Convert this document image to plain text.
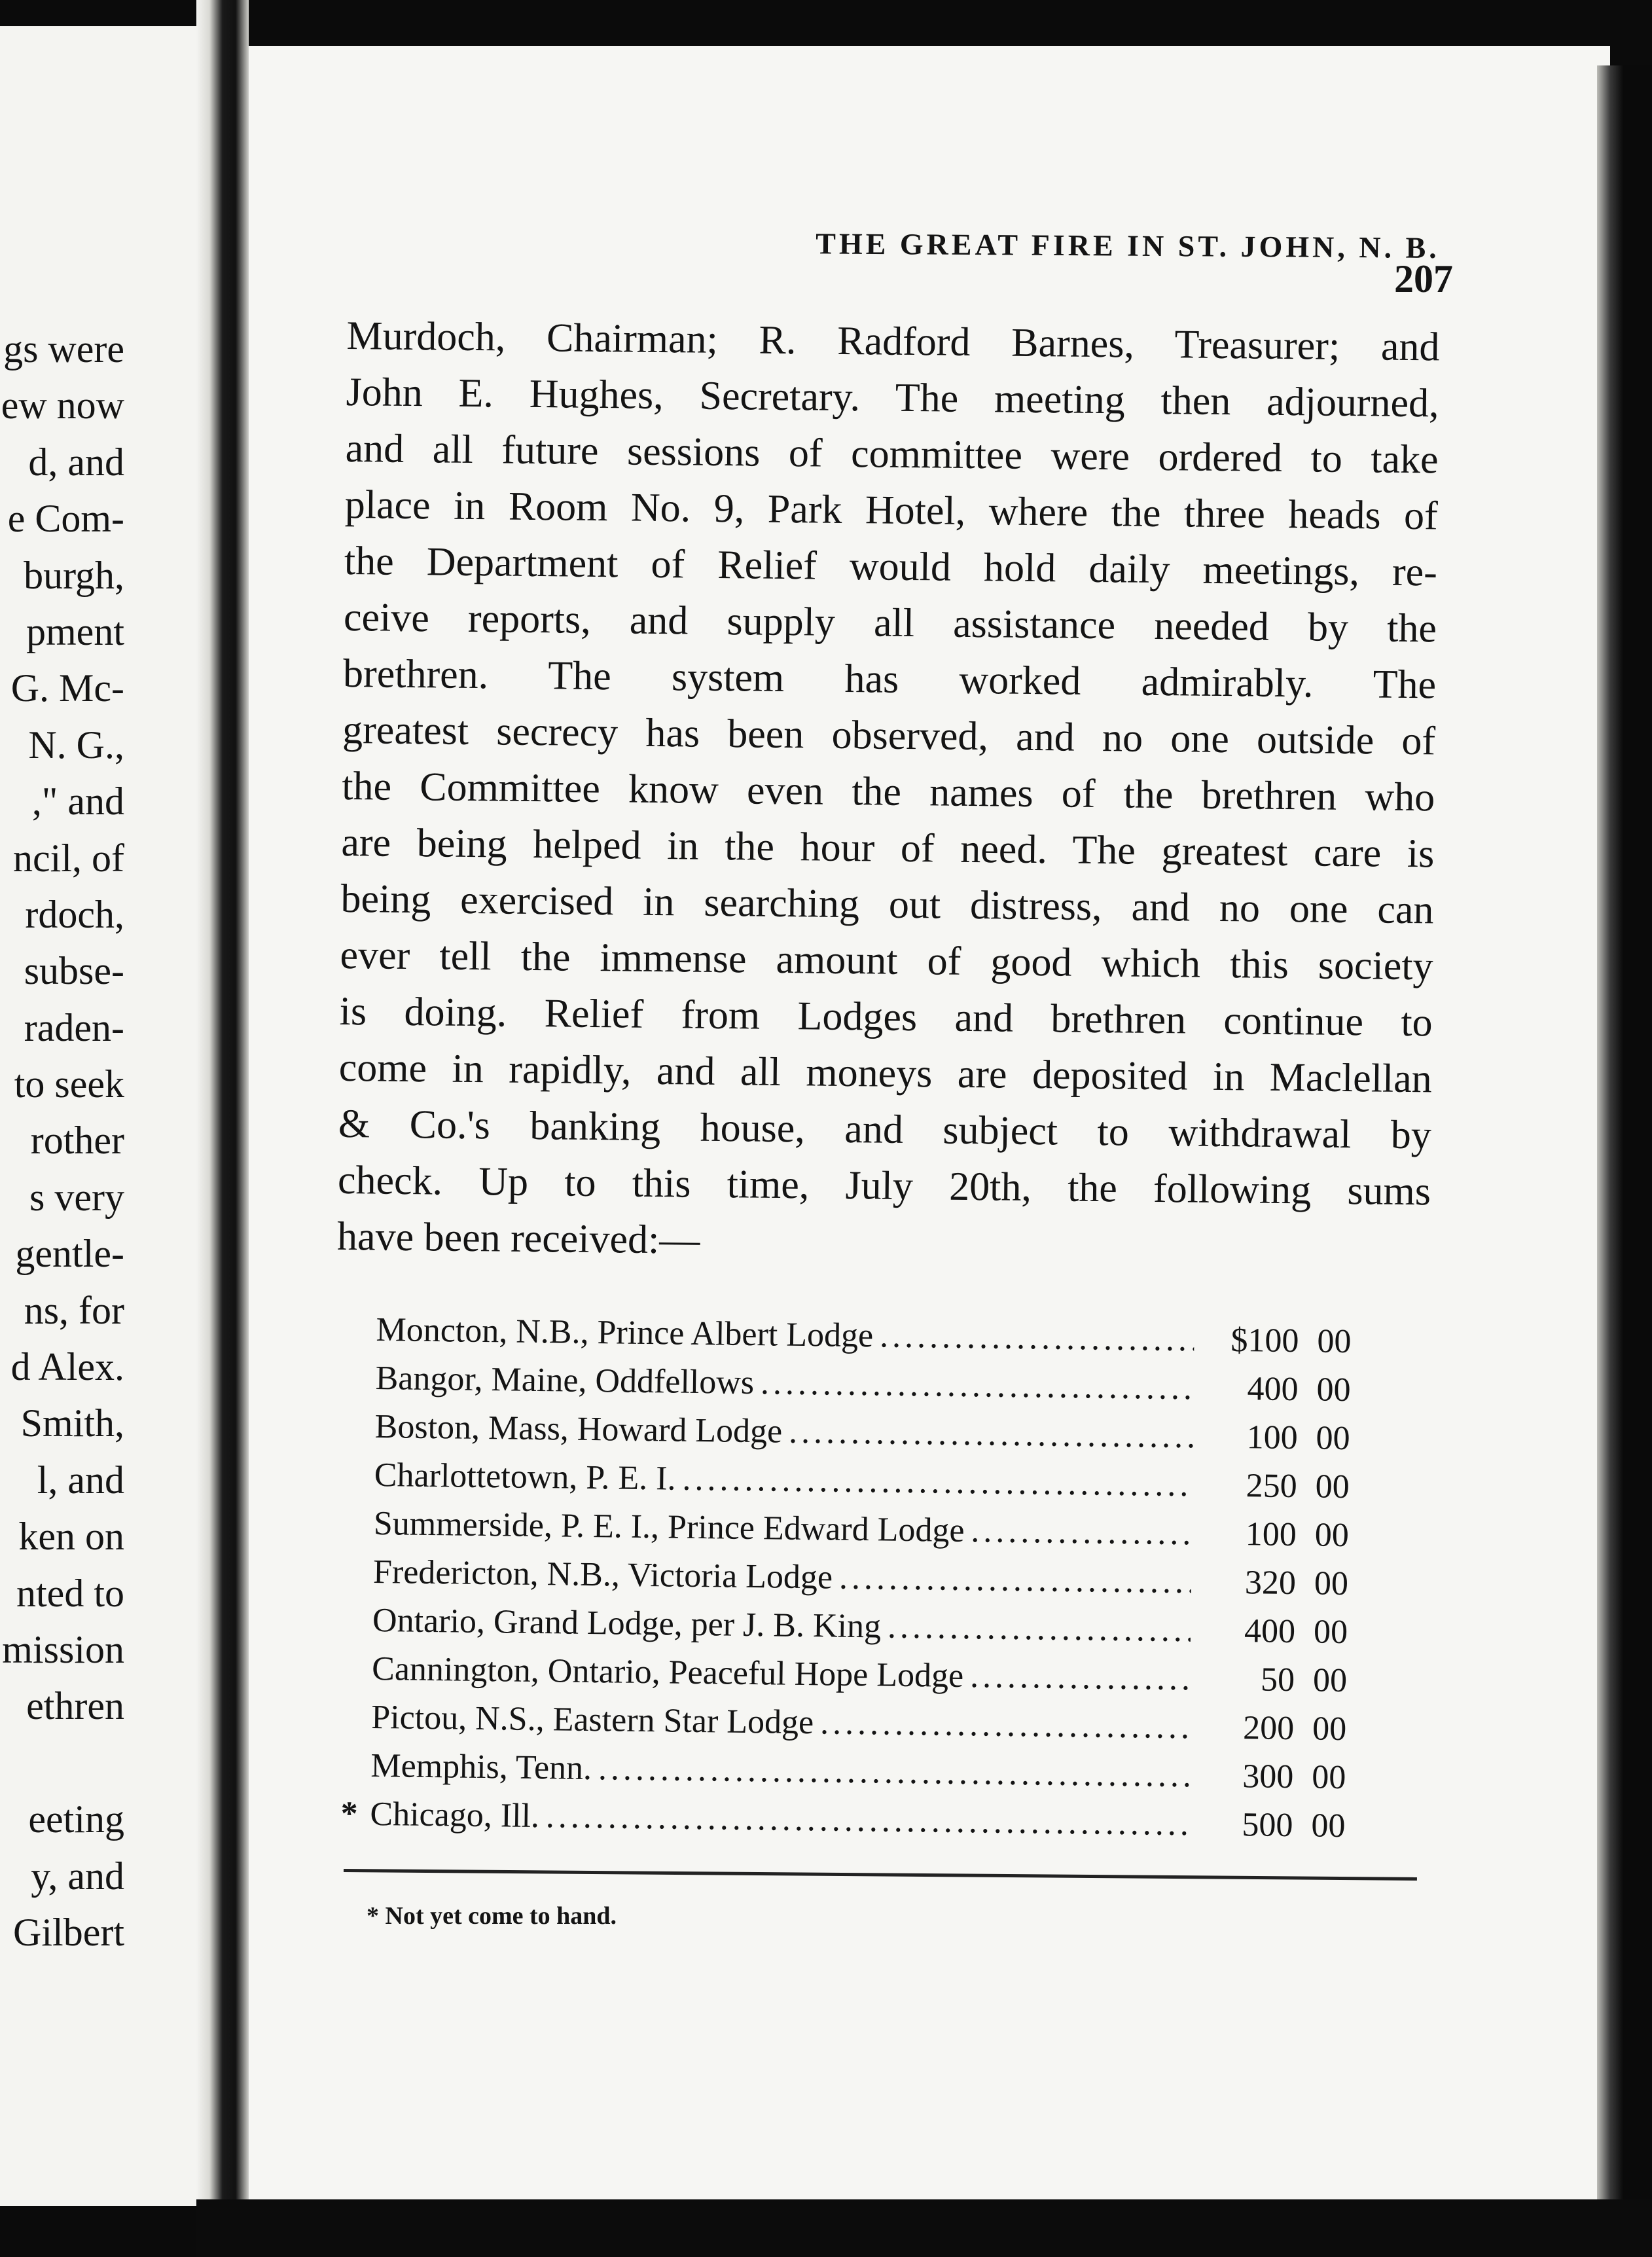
gs were
ew now
d, and
e Com-
burgh,
pment
G. Mc-
N. G.,
," and
ncil, of
rdoch,
subse-
raden-
to seek
rother
s very
gentle-
ns, for
d Alex.
Smith,
l, and
ken on
nted to
mission
ethren
eeting
y, and
Gilbert
THE GREAT FIRE IN ST. JOHN, N. B.
207
Murdoch, Chairman; R. Radford Barnes, Treasurer; and
John E. Hughes, Secretary. The meeting then adjourned,
and all future sessions of committee were ordered to take
place in Room No. 9, Park Hotel, where the three heads of
the Department of Relief would hold daily meetings, re-
ceive reports, and supply all assistance needed by the
brethren. The system has worked admirably. The
greatest secrecy has been observed, and no one outside of
the Committee know even the names of the brethren who
are being helped in the hour of need. The greatest care is
being exercised in searching out distress, and no one can
ever tell the immense amount of good which this society
is doing. Relief from Lodges and brethren continue to
come in rapidly, and all moneys are deposited in Maclellan
& Co.'s banking house, and subject to withdrawal by
check. Up to this time, July 20th, the following sums
have been received:—
Moncton, N.B., Prince Albert Lodge .....	$100 00
Bangor, Maine, Oddfellows .....	400 00
Boston, Mass, Howard Lodge .....	100 00
Charlottetown, P. E. I. .....	250 00
Summerside, P. E. I., Prince Edward Lodge .....	100 00
Fredericton, N.B., Victoria Lodge .....	320 00
Ontario, Grand Lodge, per J. B. King .....	400 00
Cannington, Ontario, Peaceful Hope Lodge .....	50 00
Pictou, N.S., Eastern Star Lodge .....	200 00
Memphis, Tenn. .....	300 00
* Chicago, Ill. .....	500 00
* Not yet come to hand.
